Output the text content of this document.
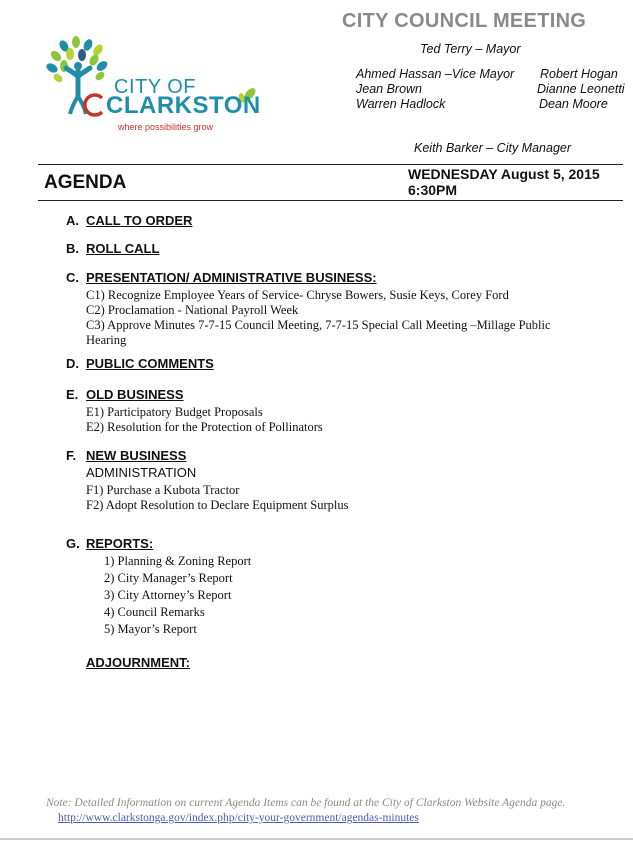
CITY COUNCIL MEETING
Ted Terry – Mayor
Ahmed Hassan –Vice Mayor
Jean Brown
Warren Hadlock
Robert Hogan
Dianne Leonetti
Dean Moore
Keith Barker – City Manager
CITY OF
CLARKSTON
where possibilities grow
AGENDA	WEDNESDAY August 5, 2015
6:30PM
A. CALL TO ORDER
B. ROLL CALL
C. PRESENTATION/ ADMINISTRATIVE BUSINESS:
C1) Recognize Employee Years of Service- Chryse Bowers, Susie Keys, Corey Ford
C2) Proclamation - National Payroll Week
C3) Approve Minutes 7-7-15 Council Meeting, 7-7-15 Special Call Meeting –Millage Public
Hearing
D. PUBLIC COMMENTS
E. OLD BUSINESS
E1) Participatory Budget Proposals
E2) Resolution for the Protection of Pollinators
F. NEW BUSINESS
ADMINISTRATION
F1) Purchase a Kubota Tractor
F2) Adopt Resolution to Declare Equipment Surplus
G. REPORTS:
1) Planning & Zoning Report
2) City Manager’s Report
3) City Attorney’s Report
4) Council Remarks
5) Mayor’s Report
ADJOURNMENT:
Note: Detailed Information on current Agenda Items can be found at the City of Clarkston Website Agenda page. http://www.clarkstonga.gov/index.php/city-your-government/agendas-minutes
